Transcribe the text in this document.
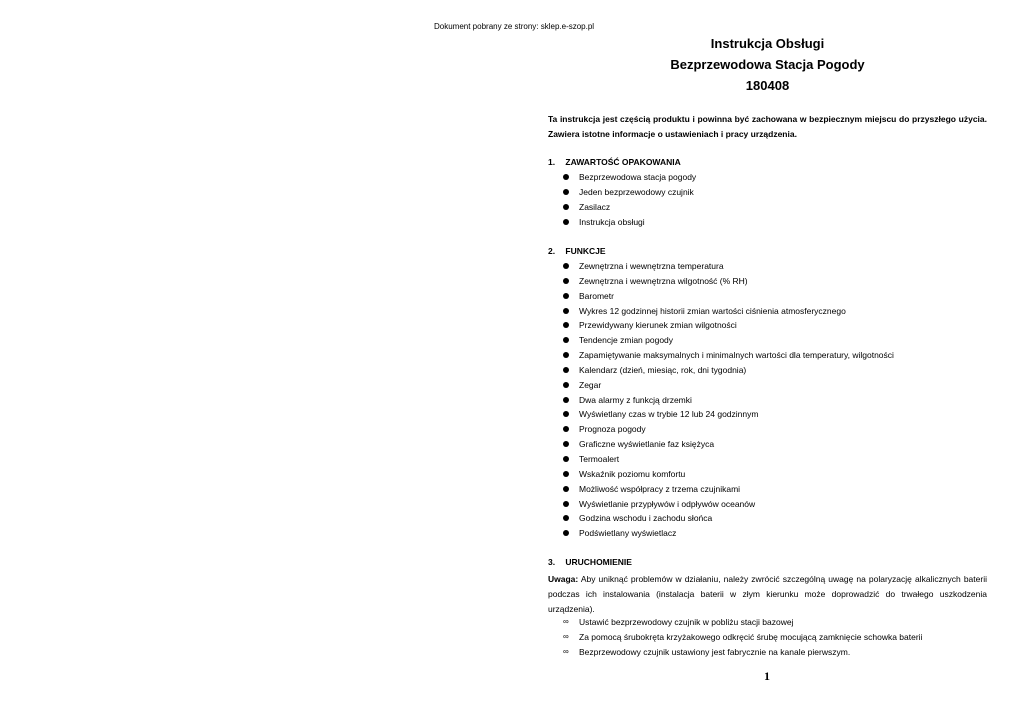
Dokument pobrany ze strony: sklep.e-szop.pl
Instrukcja Obsługi
Bezprzewodowa Stacja Pogody
180408
Ta instrukcja jest częścią produktu i powinna być zachowana w bezpiecznym miejscu do przyszłego użycia. Zawiera istotne informacje o ustawieniach i pracy urządzenia.
1. ZAWARTOŚĆ OPAKOWANIA
Bezprzewodowa stacja pogody
Jeden bezprzewodowy czujnik
Zasilacz
Instrukcja obsługi
2. FUNKCJE
Zewnętrzna i wewnętrzna temperatura
Zewnętrzna i wewnętrzna wilgotność (% RH)
Barometr
Wykres 12 godzinnej historii zmian wartości ciśnienia atmosferycznego
Przewidywany kierunek zmian wilgotności
Tendencje zmian pogody
Zapamiętywanie maksymalnych i minimalnych wartości dla temperatury, wilgotności
Kalendarz (dzień, miesiąc, rok, dni tygodnia)
Zegar
Dwa alarmy z funkcją drzemki
Wyświetlany czas w trybie 12 lub 24 godzinnym
Prognoza pogody
Graficzne wyświetlanie faz księżyca
Termoalert
Wskaźnik poziomu komfortu
Możliwość współpracy z trzema czujnikami
Wyświetlanie przypływów i odpływów oceanów
Godzina wschodu i zachodu słońca
Podświetlany wyświetlacz
3. URUCHOMIENIE
Uwaga: Aby uniknąć problemów w działaniu, należy zwrócić szczególną uwagę na polaryzację alkalicznych baterii podczas ich instalowania (instalacja baterii w złym kierunku może doprowadzić do trwałego uszkodzenia urządzenia).
∞ Ustawić bezprzewodowy czujnik w pobliżu stacji bazowej
∞ Za pomocą śrubokręta krzyżakowego odkręcić śrubę mocującą zamknięcie schowka baterii
∞ Bezprzewodowy czujnik ustawiony jest fabrycznie na kanale pierwszym.
1
